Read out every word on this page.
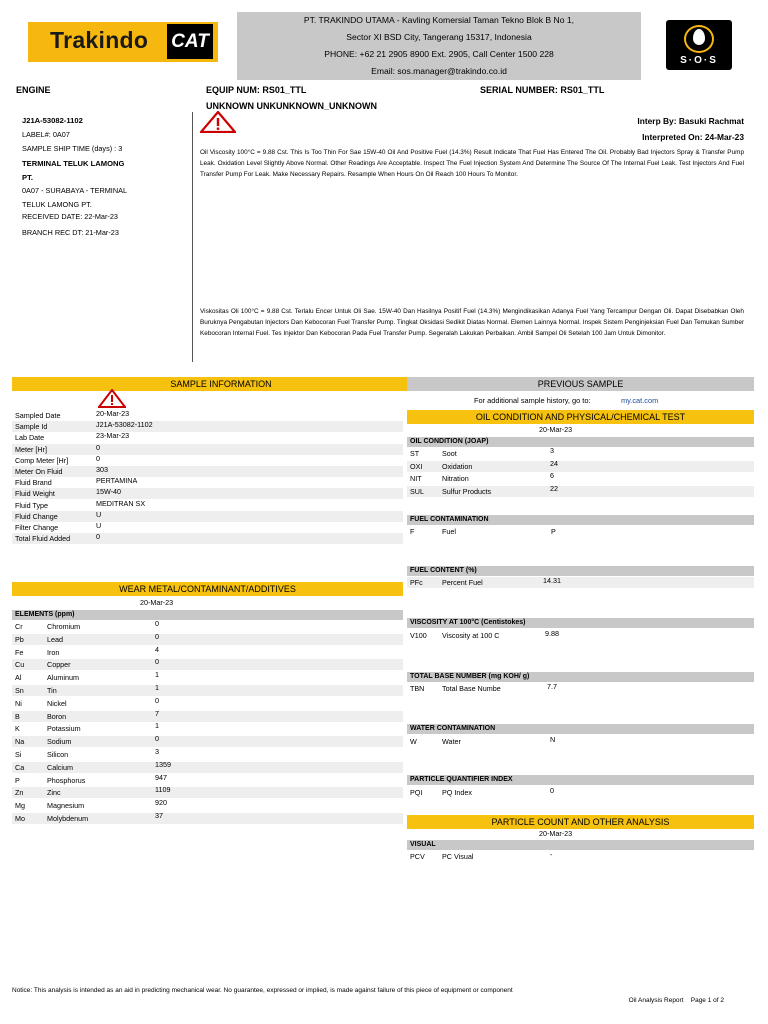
Trakindo CAT
PT. TRAKINDO UTAMA - Kavling Komersial Taman Tekno Blok B No 1,
Sector XI BSD City, Tangerang 15317, Indonesia
PHONE: +62 21 2905 8900 Ext. 2905, Call Center 1500 228
Email: sos.manager@trakindo.co.id
S·O·S
ENGINE	EQUIP NUM: RS01_TTL	SERIAL NUMBER: RS01_TTL
UNKNOWN UNKUNKNOWN_UNKNOWN
J21A-53082-1102
LABEL#: 0A07
SAMPLE SHIP TIME (days) : 3
TERMINAL TELUK LAMONG
PT.
0A07 - SURABAYA - TERMINAL
TELUK LAMONG PT.
RECEIVED DATE: 22-Mar-23
BRANCH REC DT: 21-Mar-23
Interp By: Basuki Rachmat
Interpreted On: 24-Mar-23
Oil Viscosity 100°C = 9.88 Cst. This Is Too Thin For Sae 15W-40 Oil And Positive Fuel (14.3%) Result Indicate That Fuel Has Entered The Oil. Probably Bad Injectors Spray & Transfer Pump Leak. Oxidation Level Slightly Above Normal. Other Readings Are Acceptable. Inspect The Fuel Injection System And Determine The Source Of The Internal Fuel Leak. Test Injectors And Fuel Transfer Pump For Leak. Make Necessary Repairs. Resample When Hours On Oil Reach 100 Hours To Monitor.
Viskositas Oli 100°C = 9.88 Cst. Terlalu Encer Untuk Oli Sae. 15W-40 Dan Hasilnya Positif Fuel (14.3%) Mengindikasikan Adanya Fuel Yang Tercampur Dengan Oli. Dapat Disebabkan Oleh Buruknya Pengabutan Injectors Dan Kebocoran Fuel Transfer Pump. Tingkat Oksidasi Sedikit Diatas Normal. Elemen Lainnya Normal. Inspek Sistem Penginjeksian Fuel Dan Temukan Sumber Kebocoran Internal Fuel. Tes Injektor Dan Kebocoran Pada Fuel Transfer Pump. Segeralah Lakukan Perbaikan. Ambil Sampel Oli Setelah 100 Jam Untuk Dimonitor.
SAMPLE INFORMATION
Sampled Date	20-Mar-23
Sample Id	J21A-53082-1102
Lab Date	23-Mar-23
Meter [Hr]	0
Comp Meter [Hr]	0
Meter On Fluid	303
Fluid Brand	PERTAMINA
Fluid Weight	15W-40
Fluid Type	MEDITRAN SX
Fluid Change	U
Filter Change	U
Total Fluid Added	0
PREVIOUS SAMPLE
For additional sample history, go to:	my.cat.com
OIL CONDITION AND PHYSICAL/CHEMICAL TEST
20-Mar-23
OIL CONDITION (JOAP)
ST	Soot	3
OXI	Oxidation	24
NIT	Nitration	6
SUL	Sulfur Products	22
FUEL CONTAMINATION
F	Fuel	P
FUEL CONTENT (%)
PFc	Percent Fuel	14.31
VISCOSITY AT 100°C (Centistokes)
V100 Viscosity at 100 C	9.88
TOTAL BASE NUMBER (mg KOH/ g)
TBN Total Base Numbe	7.7
WATER CONTAMINATION
W	Water	N
PARTICLE QUANTIFIER INDEX
PQI	PQ Index	0
PARTICLE COUNT AND OTHER ANALYSIS
20-Mar-23
VISUAL
PCV PC Visual	-
WEAR METAL/CONTAMINANT/ADDITIVES
20-Mar-23
ELEMENTS (ppm)
Cr	Chromium	0
Pb	Lead	0
Fe	Iron	4
Cu	Copper	0
Al	Aluminum	1
Sn	Tin	1
Ni	Nickel	0
B	Boron	7
K	Potassium	1
Na	Sodium	0
Si	Silicon	3
Ca	Calcium	1359
P	Phosphorus	947
Zn	Zinc	1109
Mg	Magnesium	920
Mo	Molybdenum	37
Notice: This analysis is intended as an aid in predicting mechanical wear. No guarantee, expressed or implied, is made against failure of this piece of equipment or component
Oil Analysis Report    Page 1 of 2
